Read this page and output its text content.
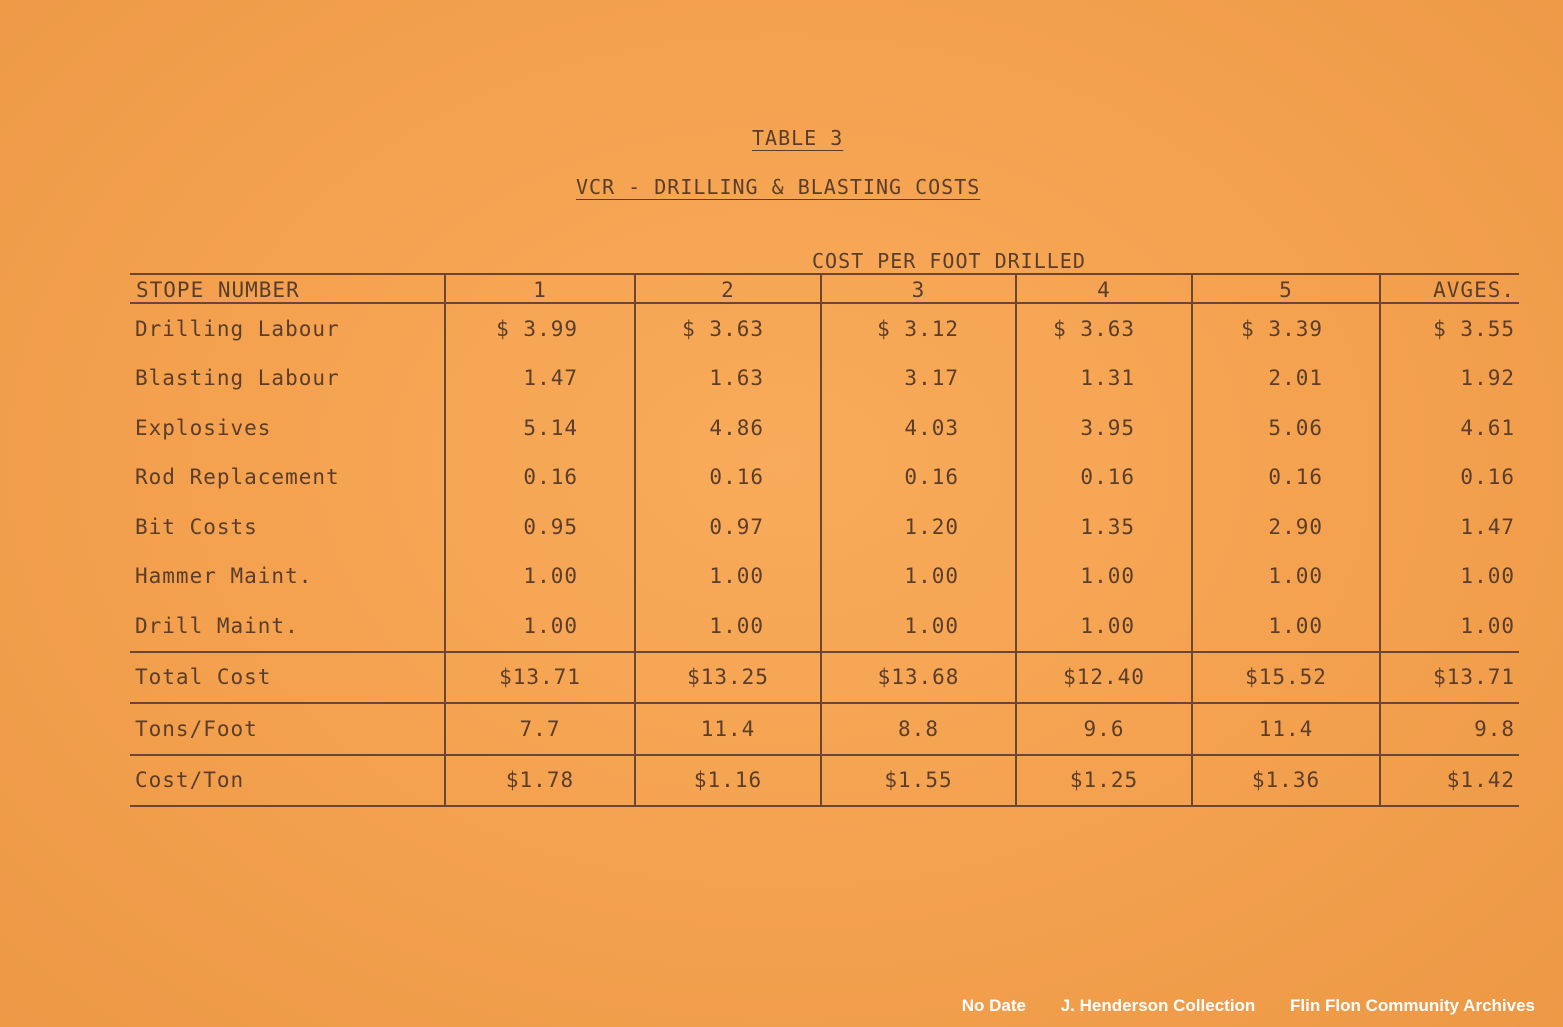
TABLE 3
VCR - DRILLING & BLASTING COSTS
COST PER FOOT DRILLED
STOPE NUMBER	1	2	3	4	5	AVGES.
Drilling Labour	$ 3.99	$ 3.63	$ 3.12	$ 3.63	$ 3.39	$ 3.55
Blasting Labour	1.47	1.63	3.17	1.31	2.01	1.92
Explosives	5.14	4.86	4.03	3.95	5.06	4.61
Rod Replacement	0.16	0.16	0.16	0.16	0.16	0.16
Bit Costs	0.95	0.97	1.20	1.35	2.90	1.47
Hammer Maint.	1.00	1.00	1.00	1.00	1.00	1.00
Drill Maint.	1.00	1.00	1.00	1.00	1.00	1.00
Total Cost	$13.71	$13.25	$13.68	$12.40	$15.52	$13.71
Tons/Foot	7.7	11.4	8.8	9.6	11.4	9.8
Cost/Ton	$1.78	$1.16	$1.55	$1.25	$1.36	$1.42
No Date J. Henderson Collection Flin Flon Community Archives
